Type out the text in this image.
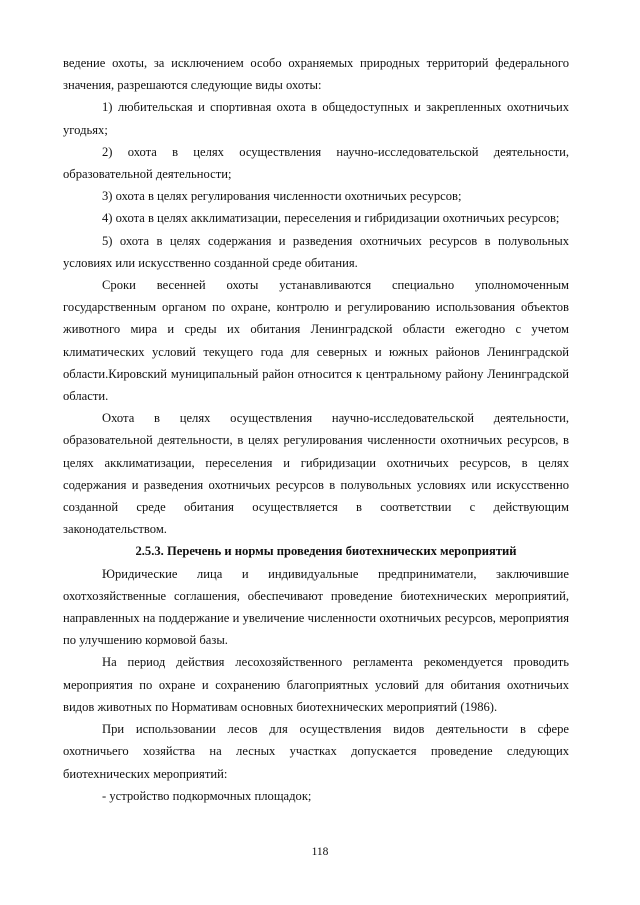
ведение охоты, за исключением особо охраняемых природных территорий федерального значения, разрешаются следующие виды охоты:

1) любительская и спортивная охота в общедоступных и закрепленных охотничьих угодьях;

2) охота в целях осуществления научно-исследовательской деятельности, образовательной деятельности;

3) охота в целях регулирования численности охотничьих ресурсов;

4) охота в целях акклиматизации, переселения и гибридизации охотничьих ресурсов;

5) охота в целях содержания и разведения охотничьих ресурсов в полувольных условиях или искусственно созданной среде обитания.

Сроки весенней охоты устанавливаются специально уполномоченным государственным органом по охране, контролю и регулированию использования объектов животного мира и среды их обитания Ленинградской области ежегодно с учетом климатических условий текущего года для северных и южных районов Ленинградской области.Кировский муниципальный район относится к центральному району Ленинградской области.

Охота в целях осуществления научно-исследовательской деятельности, образовательной деятельности, в целях регулирования численности охотничьих ресурсов, в целях акклиматизации, переселения и гибридизации охотничьих ресурсов, в целях содержания и разведения охотничьих ресурсов в полувольных условиях или искусственно созданной среде обитания осуществляется в соответствии с действующим законодательством.

2.5.3. Перечень и нормы проведения биотехнических мероприятий

Юридические лица и индивидуальные предприниматели, заключившие охотхозяйственные соглашения, обеспечивают проведение биотехнических мероприятий, направленных на поддержание и увеличение численности охотничьих ресурсов, мероприятия по улучшению кормовой базы.

На период действия лесохозяйственного регламента рекомендуется проводить мероприятия по охране и сохранению благоприятных условий для обитания охотничьих видов животных по Нормативам основных биотехнических мероприятий (1986).

При использовании лесов для осуществления видов деятельности в сфере охотничьего хозяйства на лесных участках допускается проведение следующих биотехнических мероприятий:

- устройство подкормочных площадок;

118
